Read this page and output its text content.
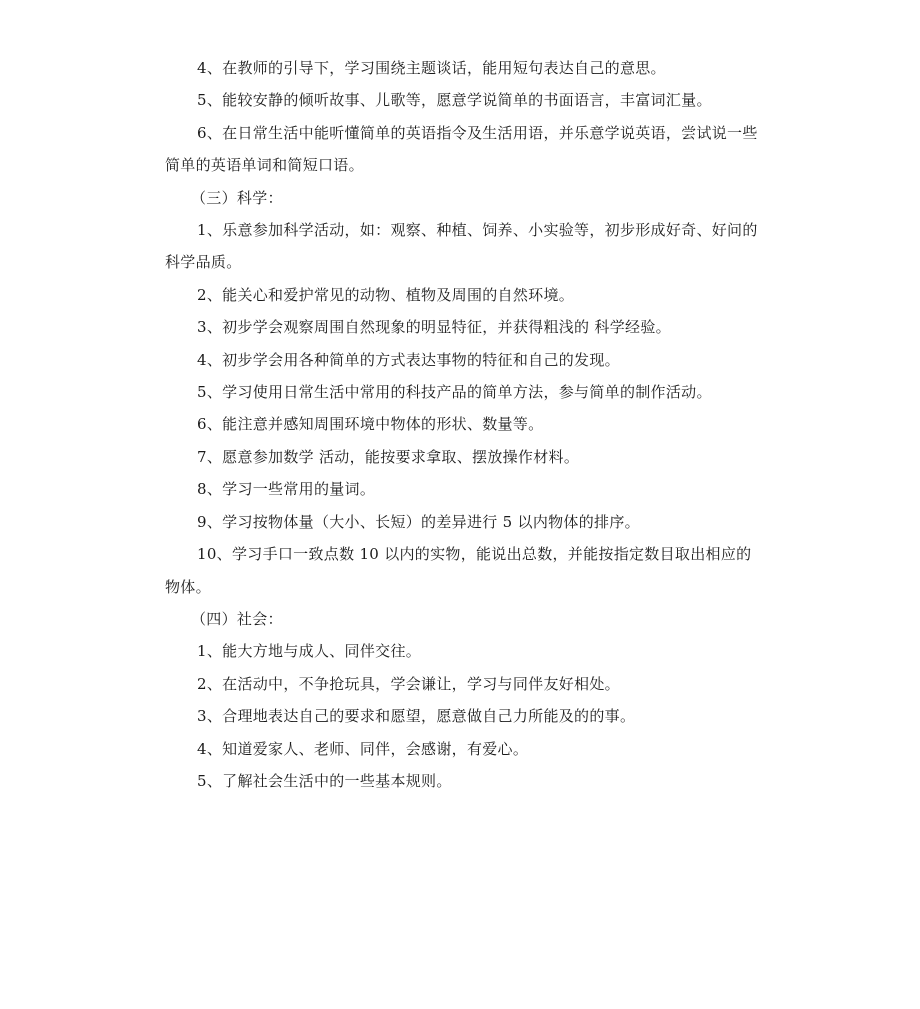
4、在教师的引导下，学习围绕主题谈话，能用短句表达自己的意思。

5、能较安静的倾听故事、儿歌等，愿意学说简单的书面语言，丰富词汇量。

6、在日常生活中能听懂简单的英语指令及生活用语，并乐意学说英语，尝试说一些简单的英语单词和简短口语。

（三）科学：

1、乐意参加科学活动，如：观察、种植、饲养、小实验等，初步形成好奇、好问的科学品质。

2、能关心和爱护常见的动物、植物及周围的自然环境。

3、初步学会观察周围自然现象的明显特征，并获得粗浅的 科学经验。

4、初步学会用各种简单的方式表达事物的特征和自己的发现。

5、学习使用日常生活中常用的科技产品的简单方法，参与简单的制作活动。

6、能注意并感知周围环境中物体的形状、数量等。

7、愿意参加数学 活动，能按要求拿取、摆放操作材料。

8、学习一些常用的量词。

9、学习按物体量（大小、长短）的差异进行 5 以内物体的排序。

10、学习手口一致点数 10 以内的实物，能说出总数，并能按指定数目取出相应的物体。

（四）社会：

1、能大方地与成人、同伴交往。

2、在活动中，不争抢玩具，学会谦让，学习与同伴友好相处。

3、合理地表达自己的要求和愿望，愿意做自己力所能及的的事。

4、知道爱家人、老师、同伴，会感谢，有爱心。

5、了解社会生活中的一些基本规则。
